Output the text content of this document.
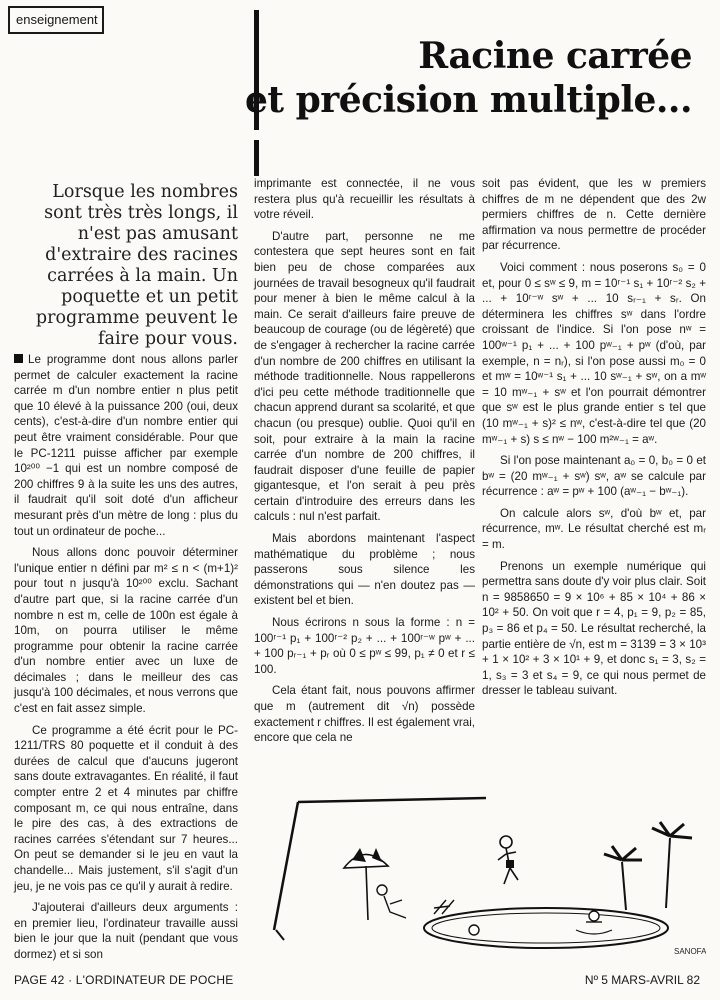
enseignement
Racine carrée
et précision multiple...
Lorsque les nombres sont très très longs, il n'est pas amusant d'extraire des racines carrées à la main. Un poquette et un petit programme peuvent le faire pour vous.

Le programme dont nous allons parler permet de calculer exactement la racine carrée m d'un nombre entier n plus petit que 10 élevé à la puissance 200 (oui, deux cents), c'est-à-dire d'un nombre entier qui peut être vraiment considérable. Pour que le PC-1211 puisse afficher par exemple 10²⁰⁰ −1 qui est un nombre composé de 200 chiffres 9 à la suite les uns des autres, il faudrait qu'il soit doté d'un afficheur mesurant près d'un mètre de long : plus du tout un ordinateur de poche...

Nous allons donc pouvoir déterminer l'unique entier n défini par m² ≤ n < (m+1)² pour tout n jusqu'à 10²⁰⁰ exclu. Sachant d'autre part que, si la racine carrée d'un nombre n est m, celle de 100n est égale à 10m, on pourra utiliser le même programme pour obtenir la racine carrée d'un nombre entier avec un luxe de décimales ; dans le meilleur des cas jusqu'à 100 décimales, et nous verrons que c'est en fait assez simple.

Ce programme a été écrit pour le PC-1211/TRS 80 poquette et il conduit à des durées de calcul que d'aucuns jugeront sans doute extravagantes. En réalité, il faut compter entre 2 et 4 minutes par chiffre composant m, ce qui nous entraîne, dans le pire des cas, à des extractions de racines carrées s'étendant sur 7 heures... On peut se demander si le jeu en vaut la chandelle... Mais justement, s'il s'agit d'un jeu, je ne vois pas ce qu'il y aurait à redire.

J'ajouterai d'ailleurs deux arguments : en premier lieu, l'ordinateur travaille aussi bien le jour que la nuit (pendant que vous dormez) et si son

imprimante est connectée, il ne vous restera plus qu'à recueillir les résultats à votre réveil.

D'autre part, personne ne me contestera que sept heures sont en fait bien peu de chose comparées aux journées de travail besogneux qu'il faudrait pour mener à bien le même calcul à la main. Ce serait d'ailleurs faire preuve de beaucoup de courage (ou de légèreté) que de s'engager à rechercher la racine carrée d'un nombre de 200 chiffres en utilisant la méthode traditionnelle. Nous rappellerons d'ici peu cette méthode traditionnelle que chacun apprend durant sa scolarité, et que chacun (ou presque) oublie. Quoi qu'il en soit, pour extraire à la main la racine carrée d'un nombre de 200 chiffres, il faudrait disposer d'une feuille de papier gigantesque, et l'on serait à peu près certain d'introduire des erreurs dans les calculs : nul n'est parfait.

Mais abordons maintenant l'aspect mathématique du problème ; nous passerons sous silence les démonstrations qui — n'en doutez pas — existent bel et bien.

Nous écrirons n sous la forme : n = 100ʳ⁻¹ p₁ + 100ʳ⁻² p₂ + ... + 100ʳ⁻ʷ pʷ + ... + 100 pᵣ₋₁ + pᵣ où 0 ≤ pʷ ≤ 99, p₁ ≠ 0 et r ≤ 100.

Cela étant fait, nous pouvons affirmer que m (autrement dit √n) possède exactement r chiffres. Il est également vrai, encore que cela ne

soit pas évident, que les w premiers chiffres de m ne dépendent que des 2w permiers chiffres de n. Cette dernière affirmation va nous permettre de procéder par récurrence.

Voici comment : nous poserons s₀ = 0 et, pour 0 ≤ sʷ ≤ 9, m = 10ʳ⁻¹ s₁ + 10ʳ⁻² s₂ + ... + 10ʳ⁻ʷ sʷ + ... 10 sᵣ₋₁ + sᵣ. On déterminera les chiffres sʷ dans l'ordre croissant de l'indice. Si l'on pose nʷ = 100ʷ⁻¹ p₁ + ... + 100 pʷ₋₁ + pʷ (d'où, par exemple, n = nᵣ), si l'on pose aussi m₀ = 0 et mʷ = 10ʷ⁻¹ s₁ + ... 10 sʷ₋₁ + sʷ, on a mʷ = 10 mʷ₋₁ + sʷ et l'on pourrait démontrer que sʷ est le plus grande entier s tel que (10 mʷ₋₁ + s)² ≤ nʷ, c'est-à-dire tel que (20 mʷ₋₁ + s) s ≤ nʷ − 100 m²ʷ₋₁ = aʷ.

Si l'on pose maintenant a₀ = 0, b₀ = 0 et bʷ = (20 mʷ₋₁ + sʷ) sʷ, aʷ se calcule par récurrence : aʷ = pʷ + 100 (aʷ₋₁ − bʷ₋₁).

On calcule alors sʷ, d'où bʷ et, par récurrence, mʷ. Le résultat cherché est mᵣ = m.

Prenons un exemple numérique qui permettra sans doute d'y voir plus clair. Soit n = 9858650 = 9 × 10⁶ + 85 × 10⁴ + 86 × 10² + 50. On voit que r = 4, p₁ = 9, p₂ = 85, p₃ = 86 et p₄ = 50. Le résultat recherché, la partie entière de √n, est m = 3139 = 3 × 10³ + 1 × 10² + 3 × 10¹ + 9, et donc s₁ = 3, s₂ = 1, s₃ = 3 et s₄ = 9, ce qui nous permet de dresser le tableau suivant.

SANOFA
PAGE 42 · L'ORDINATEUR DE POCHE	Nº 5 MARS-AVRIL 82
